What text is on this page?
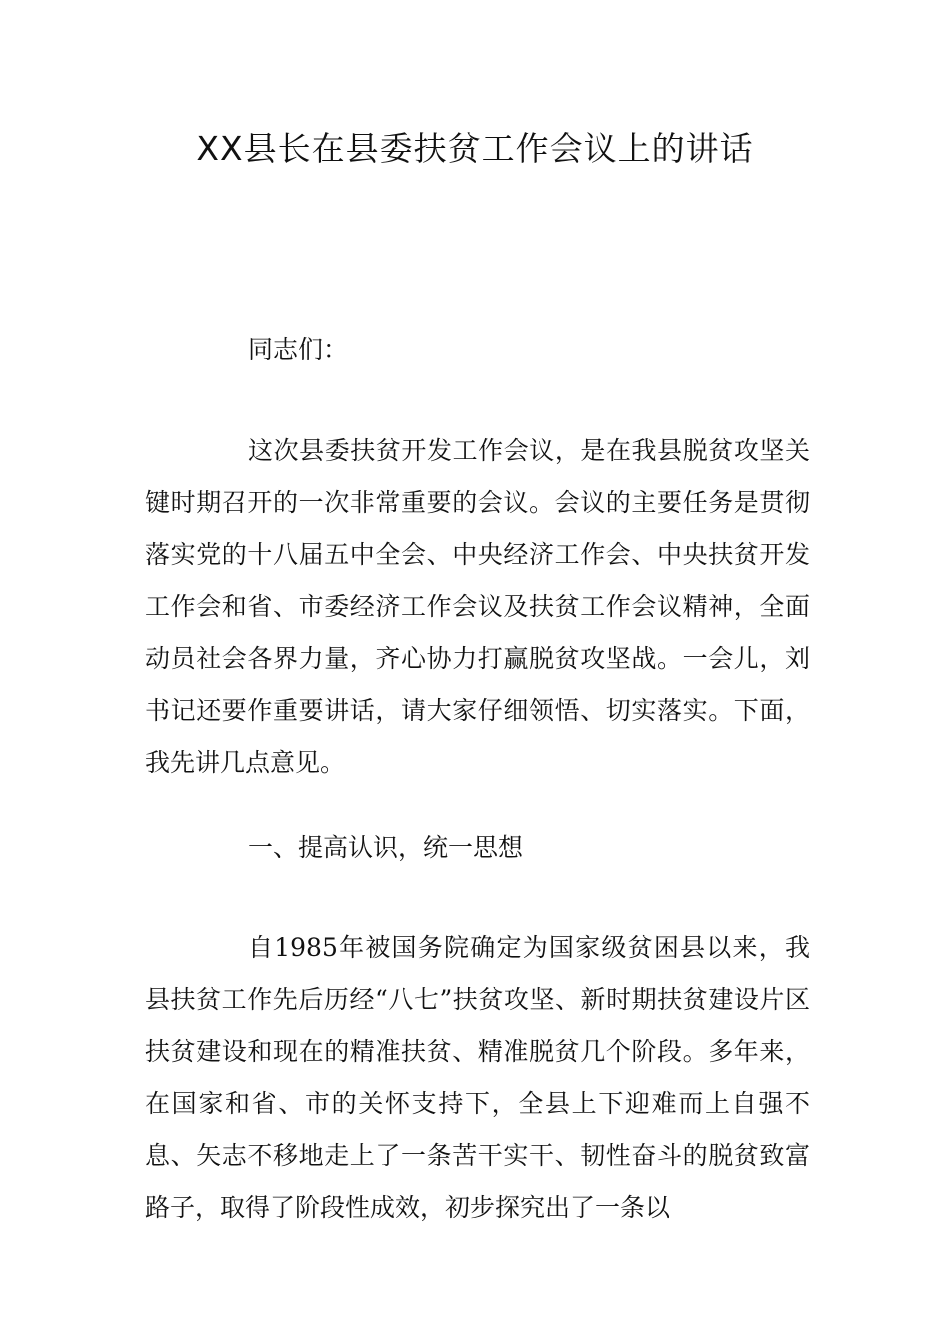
XX县长在县委扶贫工作会议上的讲话

同志们：

这次县委扶贫开发工作会议，是在我县脱贫攻坚关键时期召开的一次非常重要的会议。会议的主要任务是贯彻落实党的十八届五中全会、中央经济工作会、中央扶贫开发工作会和省、市委经济工作会议及扶贫工作会议精神，全面动员社会各界力量，齐心协力打赢脱贫攻坚战。一会儿，刘书记还要作重要讲话，请大家仔细领悟、切实落实。下面，我先讲几点意见。

一、提高认识，统一思想

自1985年被国务院确定为国家级贫困县以来，我县扶贫工作先后历经“八七”扶贫攻坚、新时期扶贫建设片区扶贫建设和现在的精准扶贫、精准脱贫几个阶段。多年来，在国家和省、市的关怀支持下，全县上下迎难而上自强不息、矢志不移地走上了一条苦干实干、韧性奋斗的脱贫致富路子，取得了阶段性成效，初步探究出了一条以
